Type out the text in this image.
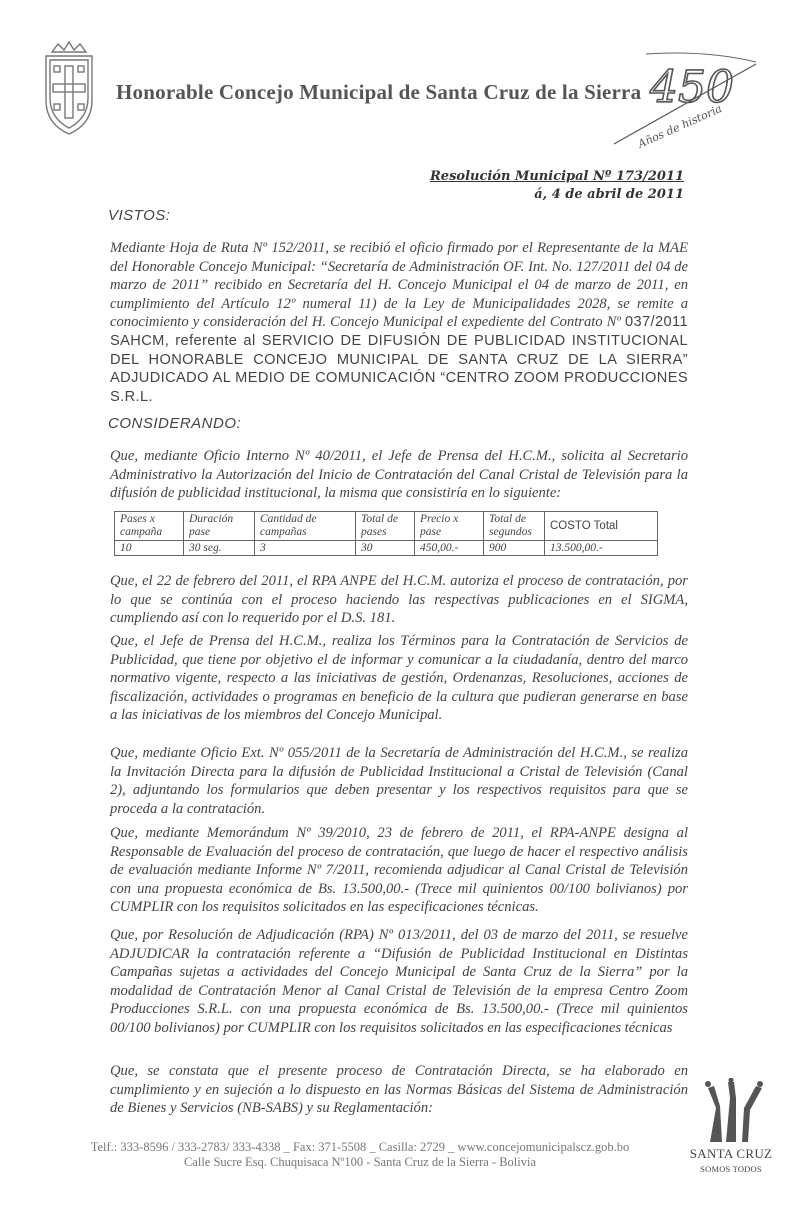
Honorable Concejo Municipal de Santa Cruz de la Sierra 450
Años de historia
Resolución Municipal Nº 173/2011
á, 4 de abril de 2011
VISTOS:

Mediante Hoja de Ruta Nº 152/2011, se recibió el oficio firmado por el Representante de la MAE del Honorable Concejo Municipal: “Secretaría de Administración OF. Int. No. 127/2011 del 04 de marzo de 2011” recibido en Secretaría del H. Concejo Municipal el 04 de marzo de 2011, en cumplimiento del Artículo 12º numeral 11) de la Ley de Municipalidades 2028, se remite a conocimiento y consideración del H. Concejo Municipal el expediente del Contrato Nº 037/2011 SAHCM, referente al SERVICIO DE DIFUSIÓN DE PUBLICIDAD INSTITUCIONAL DEL HONORABLE CONCEJO MUNICIPAL DE SANTA CRUZ DE LA SIERRA” ADJUDICADO AL MEDIO DE COMUNICACIÓN “CENTRO ZOOM PRODUCCIONES S.R.L.

CONSIDERANDO:

Que, mediante Oficio Interno Nº 40/2011, el Jefe de Prensa del H.C.M., solicita al Secretario Administrativo la Autorización del Inicio de Contratación del Canal Cristal de Televisión para la difusión de publicidad institucional, la misma que consistiría en lo siguiente:

Pases x campaña	Duración pase	Cantidad de campañas	Total de pases	Precio x pase	Total de segundos	COSTO Total
10	30 seg.	3	30	450,00.-	900	13.500,00.-

Que, el 22 de febrero del 2011, el RPA ANPE del H.C.M. autoriza el proceso de contratación, por lo que se continúa con el proceso haciendo las respectivas publicaciones en el SIGMA, cumpliendo así con lo requerido por el D.S. 181.

Que, el Jefe de Prensa del H.C.M., realiza los Términos para la Contratación de Servicios de Publicidad, que tiene por objetivo el de informar y comunicar a la ciudadanía, dentro del marco normativo vigente, respecto a las iniciativas de gestión, Ordenanzas, Resoluciones, acciones de fiscalización, actividades o programas en beneficio de la cultura que pudieran generarse en base a las iniciativas de los miembros del Concejo Municipal.

Que, mediante Oficio Ext. Nº 055/2011 de la Secretaría de Administración del H.C.M., se realiza la Invitación Directa para la difusión de Publicidad Institucional a Cristal de Televisión (Canal 2), adjuntando los formularios que deben presentar y los respectivos requisitos para que se proceda a la contratación.

Que, mediante Memorándum Nº 39/2010, 23 de febrero de 2011, el RPA-ANPE designa al Responsable de Evaluación del proceso de contratación, que luego de hacer el respectivo análisis de evaluación mediante Informe Nº 7/2011, recomienda adjudicar al Canal Cristal de Televisión con una propuesta económica de Bs. 13.500,00.- (Trece mil quinientos 00/100 bolivianos) por CUMPLIR con los requisitos solicitados en las especificaciones técnicas.

Que, por Resolución de Adjudicación (RPA) Nº 013/2011, del 03 de marzo del 2011, se resuelve ADJUDICAR la contratación referente a “Difusión de Publicidad Institucional en Distintas Campañas sujetas a actividades del Concejo Municipal de Santa Cruz de la Sierra” por la modalidad de Contratación Menor al Canal Cristal de Televisión de la empresa Centro Zoom Producciones S.R.L. con una propuesta económica de Bs. 13.500,00.- (Trece mil quinientos 00/100 bolivianos) por CUMPLIR con los requisitos solicitados en las especificaciones técnicas

Que, se constata que el presente proceso de Contratación Directa, se ha elaborado en cumplimiento y en sujeción a lo dispuesto en las Normas Básicas del Sistema de Administración de Bienes y Servicios (NB-SABS) y su Reglamentación:

Telf.: 333-8596 / 333-2783/ 333-4338 _ Fax: 371-5508 _ Casilla: 2729 _ www.concejomunicipalscz.gob.bo
Calle Sucre Esq. Chuquisaca Nº100 - Santa Cruz de la Sierra - Bolivia
SANTA CRUZ
SOMOS TODOS
